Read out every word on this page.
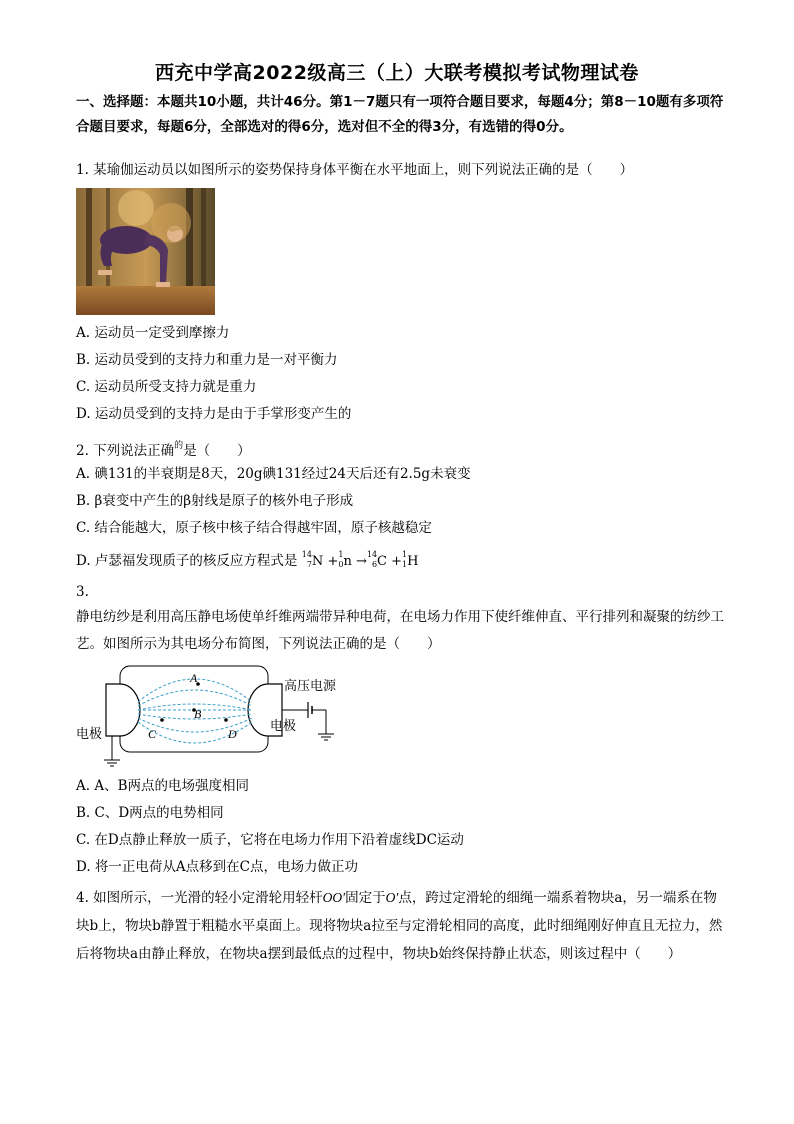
西充中学高2022级高三（上）大联考模拟考试物理试卷
一、选择题：本题共10小题，共计46分。第1－7题只有一项符合题目要求，每题4分；第8－10题有多项符合题目要求，每题6分，全部选对的得6分，选对但不全的得3分，有选错的得0分。
1. 某瑜伽运动员以如图所示的姿势保持身体平衡在水平地面上，则下列说法正确的是（　　）
A. 运动员一定受到摩擦力
B. 运动员受到的支持力和重力是一对平衡力
C. 运动员所受支持力就是重力
D. 运动员受到的支持力是由于手掌形变产生的
2. 下列说法正确$^的$是（　　）
A. 碘131的半衰期是8天，20g碘131经过24天后还有2.5g未衰变
B. β衰变中产生的β射线是原子的核外电子形成
C. 结合能越大，原子核中核子结合得越牢固，原子核越稳定
D. 卢瑟福发现质子的核反应方程式是 14
7 N + 1
0 n → 14
6 C + 1
1 H
3.
静电纺纱是利用高压静电场使单纤维两端带异种电荷，在电场力作用下使纤维伸直、平行排列和凝聚的纺纱工艺。如图所示为其电场分布简图，下列说法正确的是（　　）
A
B
C	D
电极
电极
高压电源
A. A、B两点的电场强度相同
B. C、D两点的电势相同
C. 在D点静止释放一质子，它将在电场力作用下沿着虚线DC运动
D. 将一正电荷从A点移到在C点，电场力做正功
4. 如图所示，一光滑的轻小定滑轮用轻杆OO′固定于O′点，跨过定滑轮的细绳一端系着物块a，另一端系在物块b上，物块b静置于粗糙水平桌面上。现将物块a拉至与定滑轮相同的高度，此时细绳刚好伸直且无拉力，然后将物块a由静止释放，在物块a摆到最低点的过程中，物块b始终保持静止状态，则该过程中（　　）
